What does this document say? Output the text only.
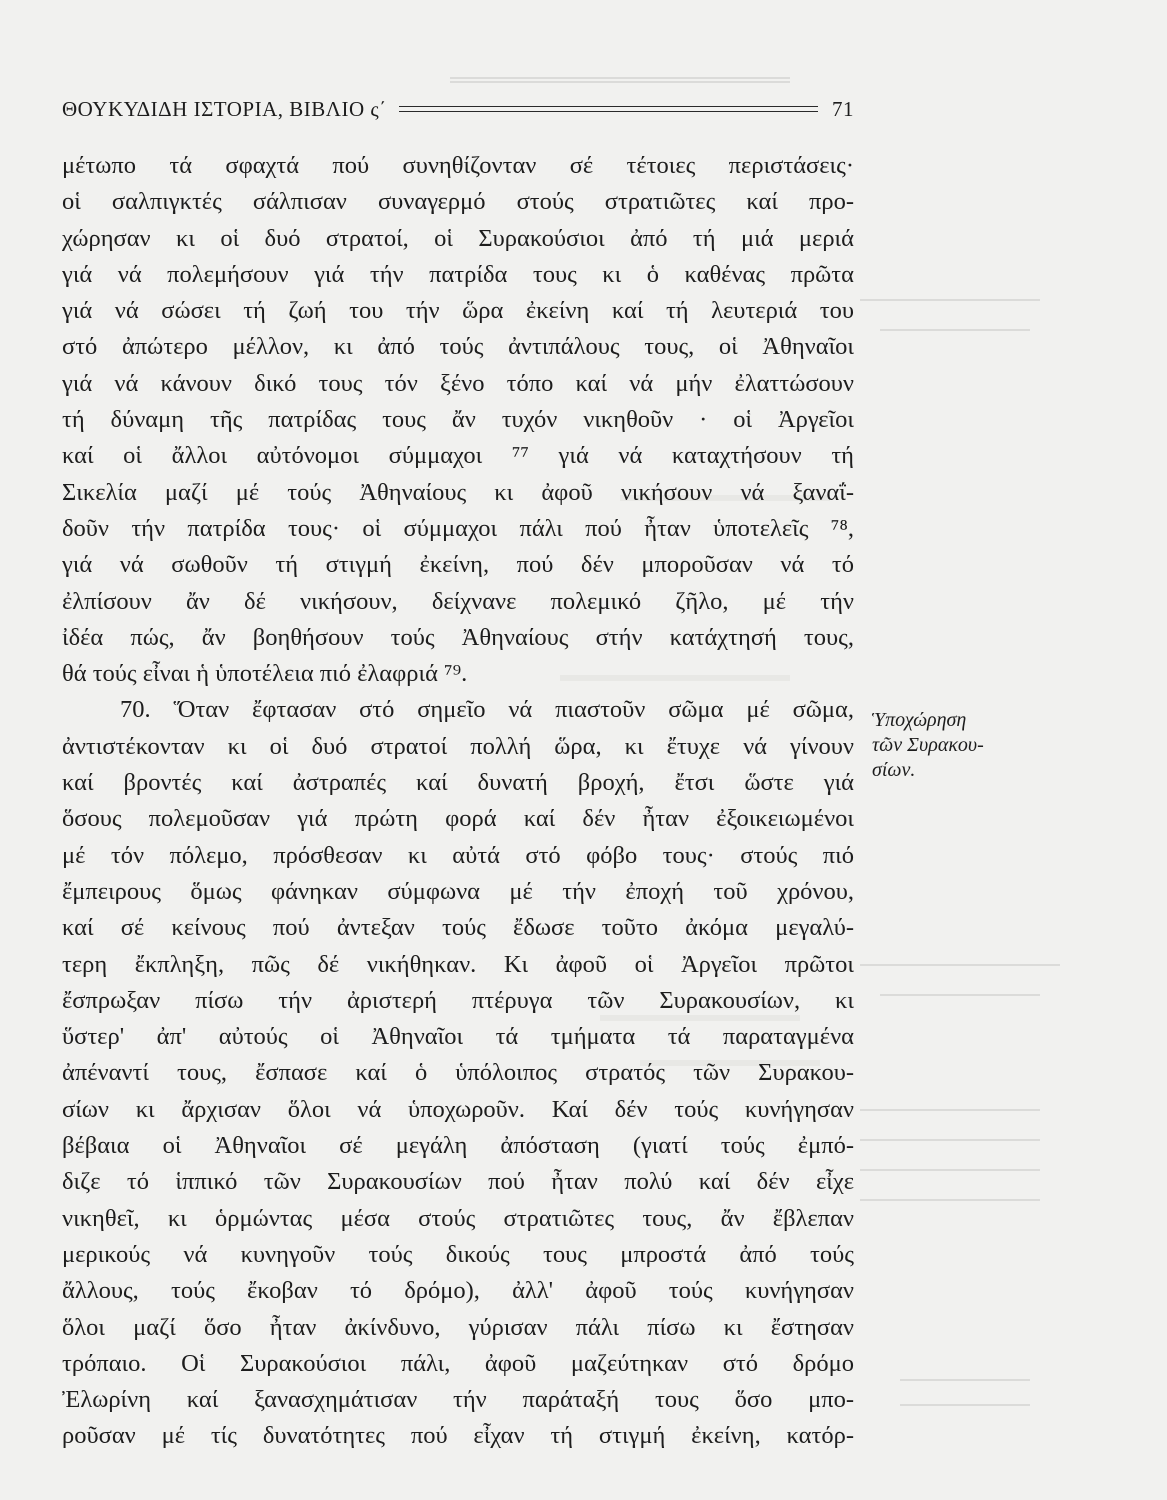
ΘΟΥΚΥΔΙΔΗ ΙΣΤΟΡΙΑ, ΒΙΒΛΙΟ ς΄	71
μέτωπο τά σφαχτά πού συνηθίζονταν σέ τέτοιες περιστάσεις·
οἱ σαλπιγκτές σάλπισαν συναγερμό στούς στρατιῶτες καί προ-
χώρησαν κι οἱ δυό στρατοί, οἱ Συρακούσιοι ἀπό τή μιά μεριά
γιά νά πολεμήσουν γιά τήν πατρίδα τους κι ὁ καθένας πρῶτα
γιά νά σώσει τή ζωή του τήν ὥρα ἐκείνη καί τή λευτεριά του
στό ἀπώτερο μέλλον, κι ἀπό τούς ἀντιπάλους τους, οἱ Ἀθηναῖοι
γιά νά κάνουν δικό τους τόν ξένο τόπο καί νά μήν ἐλαττώσουν
τή δύναμη τῆς πατρίδας τους ἄν τυχόν νικηθοῦν · οἱ Ἀργεῖοι
καί οἱ ἄλλοι αὐτόνομοι σύμμαχοι ⁷⁷ γιά νά καταχτήσουν τή
Σικελία μαζί μέ τούς Ἀθηναίους κι ἀφοῦ νικήσουν νά ξαναΐ-
δοῦν τήν πατρίδα τους· οἱ σύμμαχοι πάλι πού ἦταν ὑποτελεῖς ⁷⁸,
γιά νά σωθοῦν τή στιγμή ἐκείνη, πού δέν μποροῦσαν νά τό
ἐλπίσουν ἄν δέ νικήσουν, δείχνανε πολεμικό ζῆλο, μέ τήν
ἰδέα πώς, ἄν βοηθήσουν τούς Ἀθηναίους στήν κατάχτησή τους,
θά τούς εἶναι ἡ ὑποτέλεια πιό ἐλαφριά ⁷⁹.
70. Ὅταν ἔφτασαν στό σημεῖο νά πιαστοῦν σῶμα μέ σῶμα,
ἀντιστέκονταν κι οἱ δυό στρατοί πολλή ὥρα, κι ἔτυχε νά γίνουν
καί βροντές καί ἀστραπές καί δυνατή βροχή, ἔτσι ὥστε γιά
ὅσους πολεμοῦσαν γιά πρώτη φορά καί δέν ἦταν ἐξοικειωμένοι
μέ τόν πόλεμο, πρόσθεσαν κι αὐτά στό φόβο τους· στούς πιό
ἔμπειρους ὅμως φάνηκαν σύμφωνα μέ τήν ἐποχή τοῦ χρόνου,
καί σέ κείνους πού ἀντεξαν τούς ἔδωσε τοῦτο ἀκόμα μεγαλύ-
τερη ἔκπληξη, πῶς δέ νικήθηκαν. Κι ἀφοῦ οἱ Ἀργεῖοι πρῶτοι
ἔσπρωξαν πίσω τήν ἀριστερή πτέρυγα τῶν Συρακουσίων, κι
ὕστερ' ἀπ' αὐτούς οἱ Ἀθηναῖοι τά τμήματα τά παραταγμένα
ἀπέναντί τους, ἔσπασε καί ὁ ὑπόλοιπος στρατός τῶν Συρακου-
σίων κι ἄρχισαν ὅλοι νά ὑποχωροῦν. Καί δέν τούς κυνήγησαν
βέβαια οἱ Ἀθηναῖοι σέ μεγάλη ἀπόσταση (γιατί τούς ἐμπό-
διζε τό ἱππικό τῶν Συρακουσίων πού ἦταν πολύ καί δέν εἶχε
νικηθεῖ, κι ὁρμώντας μέσα στούς στρατιῶτες τους, ἄν ἔβλεπαν
μερικούς νά κυνηγοῦν τούς δικούς τους μπροστά ἀπό τούς
ἄλλους, τούς ἔκοβαν τό δρόμο), ἀλλ' ἀφοῦ τούς κυνήγησαν
ὅλοι μαζί ὅσο ἦταν ἀκίνδυνο, γύρισαν πάλι πίσω κι ἔστησαν
τρόπαιο. Οἱ Συρακούσιοι πάλι, ἀφοῦ μαζεύτηκαν στό δρόμο
Ἐλωρίνη καί ξανασχημάτισαν τήν παράταξή τους ὅσο μπο-
ροῦσαν μέ τίς δυνατότητες πού εἶχαν τή στιγμή ἐκείνη, κατόρ-
Ὑποχώρηση
τῶν Συρακου-
σίων.
